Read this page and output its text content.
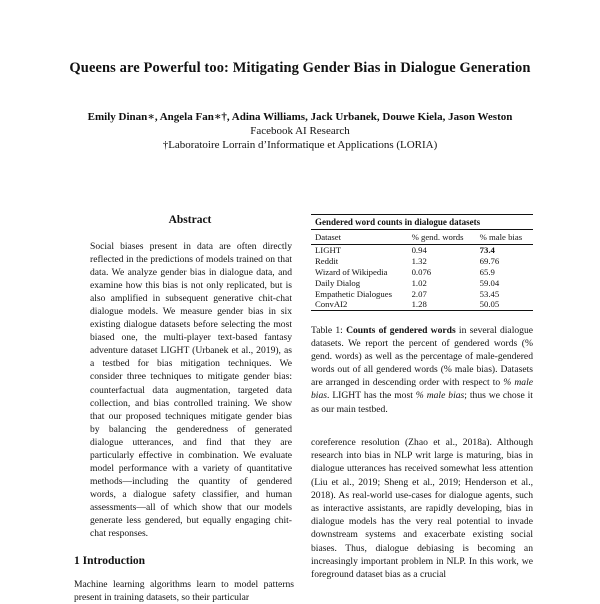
Queens are Powerful too: Mitigating Gender Bias in Dialogue Generation
Emily Dinan∗, Angela Fan∗†, Adina Williams, Jack Urbanek, Douwe Kiela, Jason Weston
Facebook AI Research
†Laboratoire Lorrain d’Informatique et Applications (LORIA)
Abstract
Social biases present in data are often directly reflected in the predictions of models trained on that data. We analyze gender bias in dialogue data, and examine how this bias is not only replicated, but is also amplified in subsequent generative chit-chat dialogue models. We measure gender bias in six existing dialogue datasets before selecting the most biased one, the multi-player text-based fantasy adventure dataset LIGHT (Urbanek et al., 2019), as a testbed for bias mitigation techniques. We consider three techniques to mitigate gender bias: counterfactual data augmentation, targeted data collection, and bias controlled training. We show that our proposed techniques mitigate gender bias by balancing the genderedness of generated dialogue utterances, and find that they are particularly effective in combination. We evaluate model performance with a variety of quantitative methods—including the quantity of gendered words, a dialogue safety classifier, and human assessments—all of which show that our models generate less gendered, but equally engaging chit-chat responses.
1 Introduction
Machine learning algorithms learn to model patterns present in training datasets, so their particular
Gendered word counts in dialogue datasets
Dataset	% gend. words	% male bias
LIGHT	0.94	73.4
Reddit	1.32	69.76
Wizard of Wikipedia	0.076	65.9
Daily Dialog	1.02	59.04
Empathetic Dialogues	2.07	53.45
ConvAI2	1.28	50.05
Table 1: Counts of gendered words in several dialogue datasets. We report the percent of gendered words (% gend. words) as well as the percentage of male-gendered words out of all gendered words (% male bias). Datasets are arranged in descending order with respect to % male bias. LIGHT has the most % male bias; thus we chose it as our main testbed.
coreference resolution (Zhao et al., 2018a). Although research into bias in NLP writ large is maturing, bias in dialogue utterances has received somewhat less attention (Liu et al., 2019; Sheng et al., 2019; Henderson et al., 2018). As real-world use-cases for dialogue agents, such as interactive assistants, are rapidly developing, bias in dialogue models has the very real potential to invade downstream systems and exacerbate existing social biases. Thus, dialogue debiasing is becoming an increasingly important problem in NLP. In this work, we foreground dataset bias as a crucial
